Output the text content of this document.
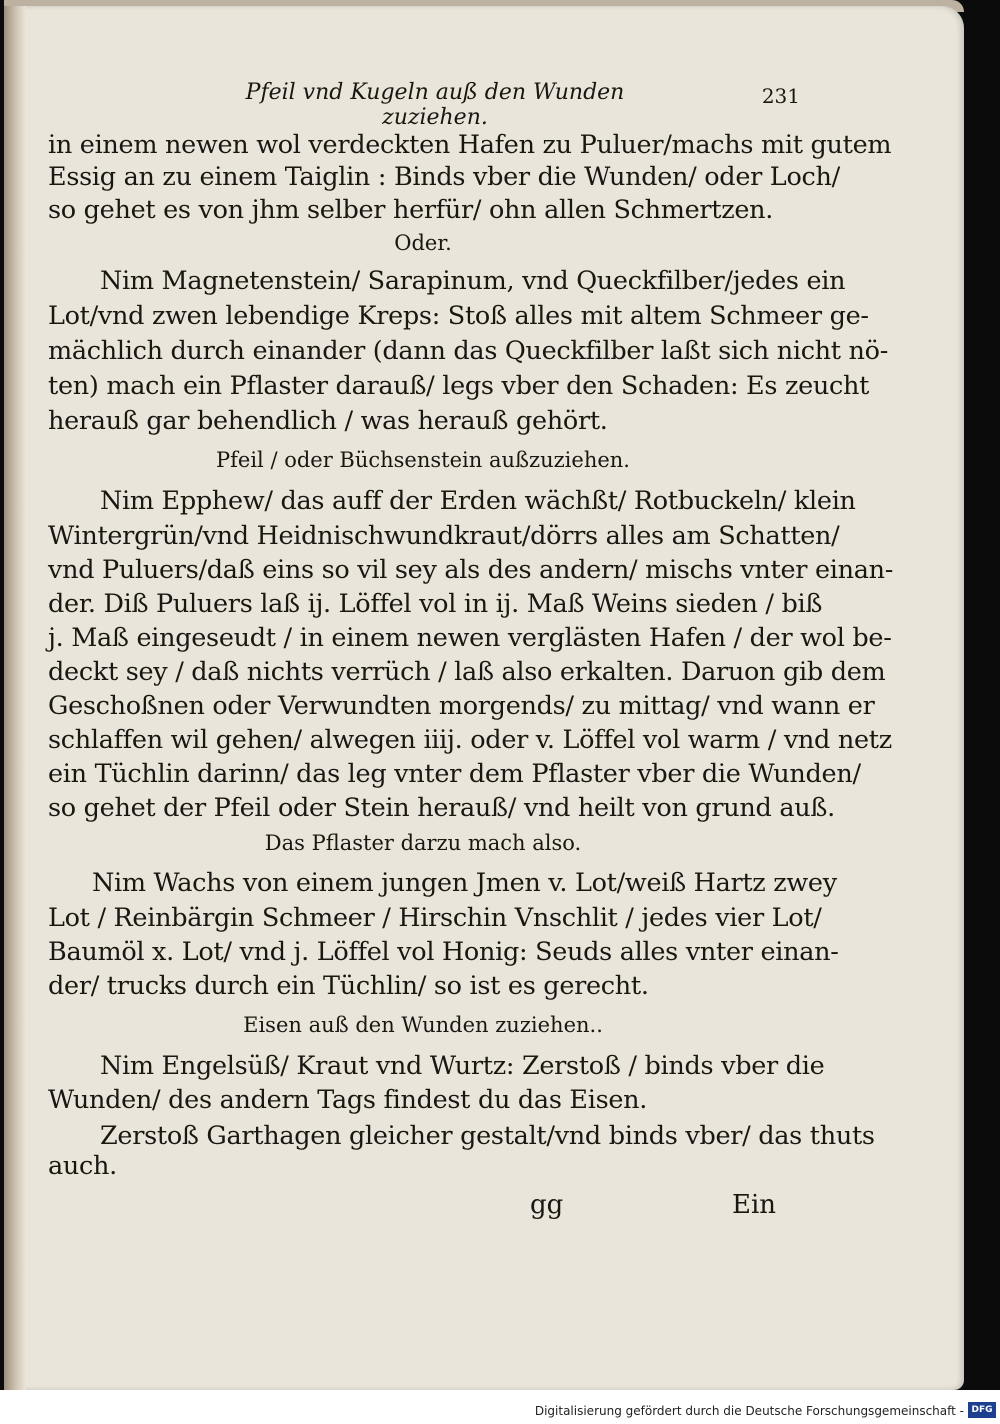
Pfeil vnd Kugeln auß den Wunden zuziehen.
231
in einem newen wol verdeckten Hafen zu Puluer/machs mit gutem
Essig an zu einem Taiglin : Binds vber die Wunden/ oder Loch/
so gehet es von jhm selber herfür/ ohn allen Schmertzen.
Oder.
Nim Magnetenstein/ Sarapinum, vnd Queckfilber/jedes ein
Lot/vnd zwen lebendige Kreps: Stoß alles mit altem Schmeer ge-
mächlich durch einander (dann das Queckfilber laßt sich nicht nö-
ten) mach ein Pflaster darauß/ legs vber den Schaden: Es zeucht
herauß gar behendlich / was herauß gehört.
Pfeil / oder Büchsenstein außzuziehen.
Nim Epphew/ das auff der Erden wächßt/ Rotbuckeln/ klein
Wintergrün/vnd Heidnischwundkraut/dörrs alles am Schatten/
vnd Puluers/daß eins so vil sey als des andern/ mischs vnter einan-
der. Diß Puluers laß ij. Löffel vol in ij. Maß Weins sieden / biß
j. Maß eingeseudt / in einem newen verglästen Hafen / der wol be-
deckt sey / daß nichts verrüch / laß also erkalten. Daruon gib dem
Geschoßnen oder Verwundten morgends/ zu mittag/ vnd wann er
schlaffen wil gehen/ alwegen iiij. oder v. Löffel vol warm / vnd netz
ein Tüchlin darinn/ das leg vnter dem Pflaster vber die Wunden/
so gehet der Pfeil oder Stein herauß/ vnd heilt von grund auß.
Das Pflaster darzu mach also.
Nim Wachs von einem jungen Jmen v. Lot/weiß Hartz zwey
Lot / Reinbärgin Schmeer / Hirschin Vnschlit / jedes vier Lot/
Baumöl x. Lot/ vnd j. Löffel vol Honig: Seuds alles vnter einan-
der/ trucks durch ein Tüchlin/ so ist es gerecht.
Eisen auß den Wunden zuziehen..
Nim Engelsüß/ Kraut vnd Wurtz: Zerstoß / binds vber die
Wunden/ des andern Tags findest du das Eisen.
Zerstoß Garthagen gleicher gestalt/vnd binds vber/ das thuts
auch.
gg	Ein
Digitalisierung gefördert durch die Deutsche Forschungsgemeinschaft - DFG
